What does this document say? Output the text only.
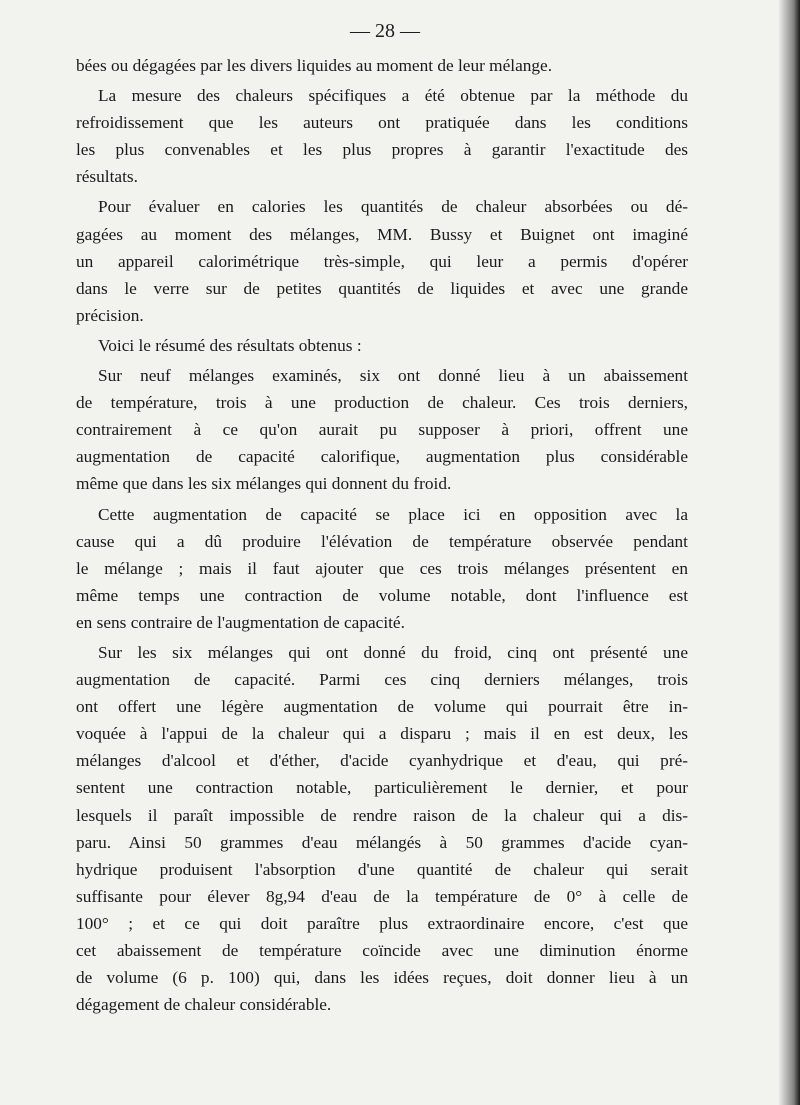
— 28 —

bées ou dégagées par les divers liquides au moment de leur mélange.

La mesure des chaleurs spécifiques a été obtenue par la méthode du
refroidissement que les auteurs ont pratiquée dans les conditions
les plus convenables et les plus propres à garantir l'exactitude des
résultats.

Pour évaluer en calories les quantités de chaleur absorbées ou dé-
gagées au moment des mélanges, MM. Bussy et Buignet ont imaginé
un appareil calorimétrique très-simple, qui leur a permis d'opérer
dans le verre sur de petites quantités de liquides et avec une grande
précision.

Voici le résumé des résultats obtenus :

Sur neuf mélanges examinés, six ont donné lieu à un abaissement
de température, trois à une production de chaleur. Ces trois derniers,
contrairement à ce qu'on aurait pu supposer à priori, offrent une
augmentation de capacité calorifique, augmentation plus considérable
même que dans les six mélanges qui donnent du froid.

Cette augmentation de capacité se place ici en opposition avec la
cause qui a dû produire l'élévation de température observée pendant
le mélange ; mais il faut ajouter que ces trois mélanges présentent en
même temps une contraction de volume notable, dont l'influence est
en sens contraire de l'augmentation de capacité.

Sur les six mélanges qui ont donné du froid, cinq ont présenté une
augmentation de capacité. Parmi ces cinq derniers mélanges, trois
ont offert une légère augmentation de volume qui pourrait être in-
voquée à l'appui de la chaleur qui a disparu ; mais il en est deux, les
mélanges d'alcool et d'éther, d'acide cyanhydrique et d'eau, qui pré-
sentent une contraction notable, particulièrement le dernier, et pour
lesquels il paraît impossible de rendre raison de la chaleur qui a dis-
paru. Ainsi 50 grammes d'eau mélangés à 50 grammes d'acide cyan-
hydrique produisent l'absorption d'une quantité de chaleur qui serait
suffisante pour élever 8g,94 d'eau de la température de 0° à celle de
100° ; et ce qui doit paraître plus extraordinaire encore, c'est que
cet abaissement de température coïncide avec une diminution énorme
de volume (6 p. 100) qui, dans les idées reçues, doit donner lieu à un
dégagement de chaleur considérable.
